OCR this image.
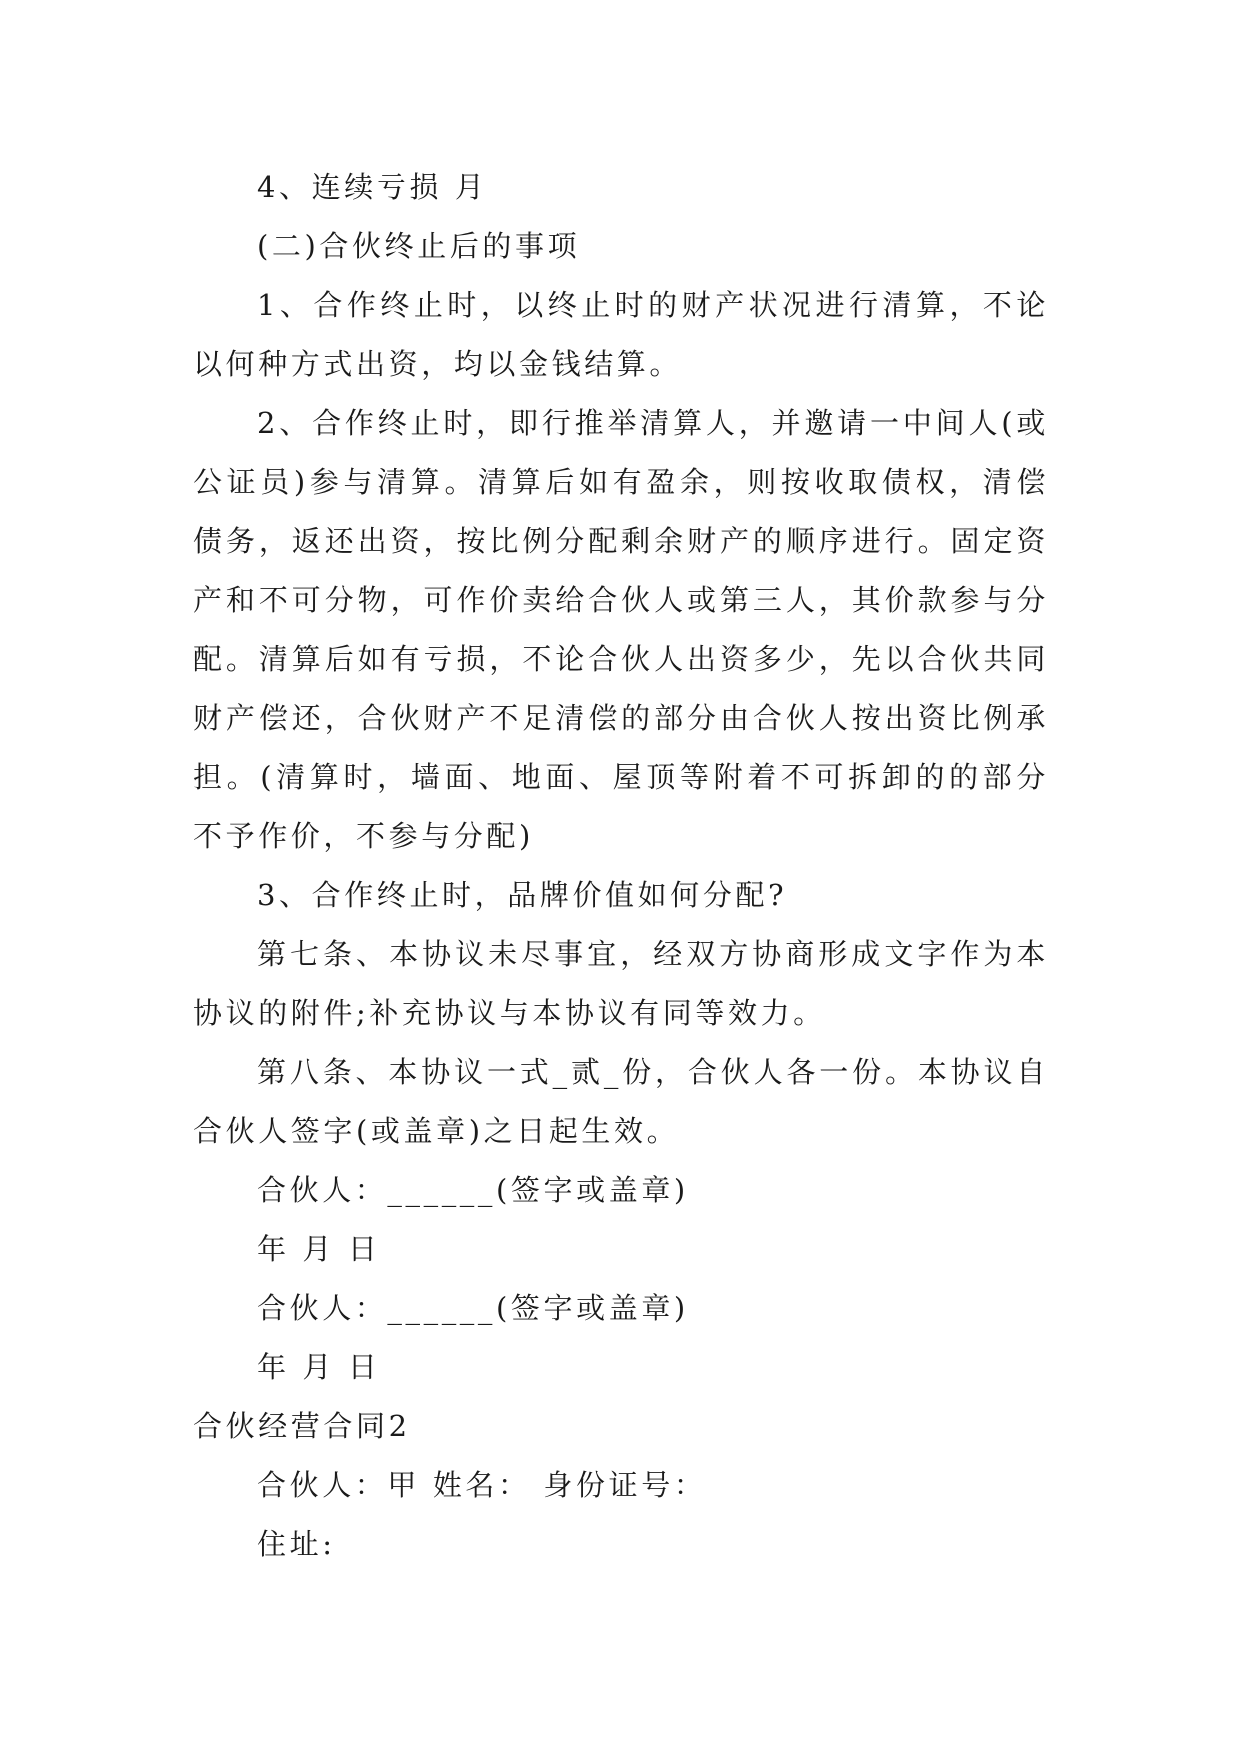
4、连续亏损 月

(二)合伙终止后的事项

1、合作终止时，以终止时的财产状况进行清算，不论以何种方式出资，均以金钱结算。

2、合作终止时，即行推举清算人，并邀请一中间人(或公证员)参与清算。清算后如有盈余，则按收取债权，清偿债务，返还出资，按比例分配剩余财产的顺序进行。固定资产和不可分物，可作价卖给合伙人或第三人，其价款参与分配。清算后如有亏损，不论合伙人出资多少，先以合伙共同财产偿还，合伙财产不足清偿的部分由合伙人按出资比例承担。(清算时，墙面、地面、屋顶等附着不可拆卸的的部分不予作价，不参与分配)

3、合作终止时，品牌价值如何分配?

第七条、本协议未尽事宜，经双方协商形成文字作为本协议的附件;补充协议与本协议有同等效力。

第八条、本协议一式_贰_份，合伙人各一份。本协议自合伙人签字(或盖章)之日起生效。

合伙人：______(签字或盖章)

年 月 日

合伙人：______(签字或盖章)

年 月 日

合伙经营合同2

合伙人：甲 姓名： 身份证号：

住址:
